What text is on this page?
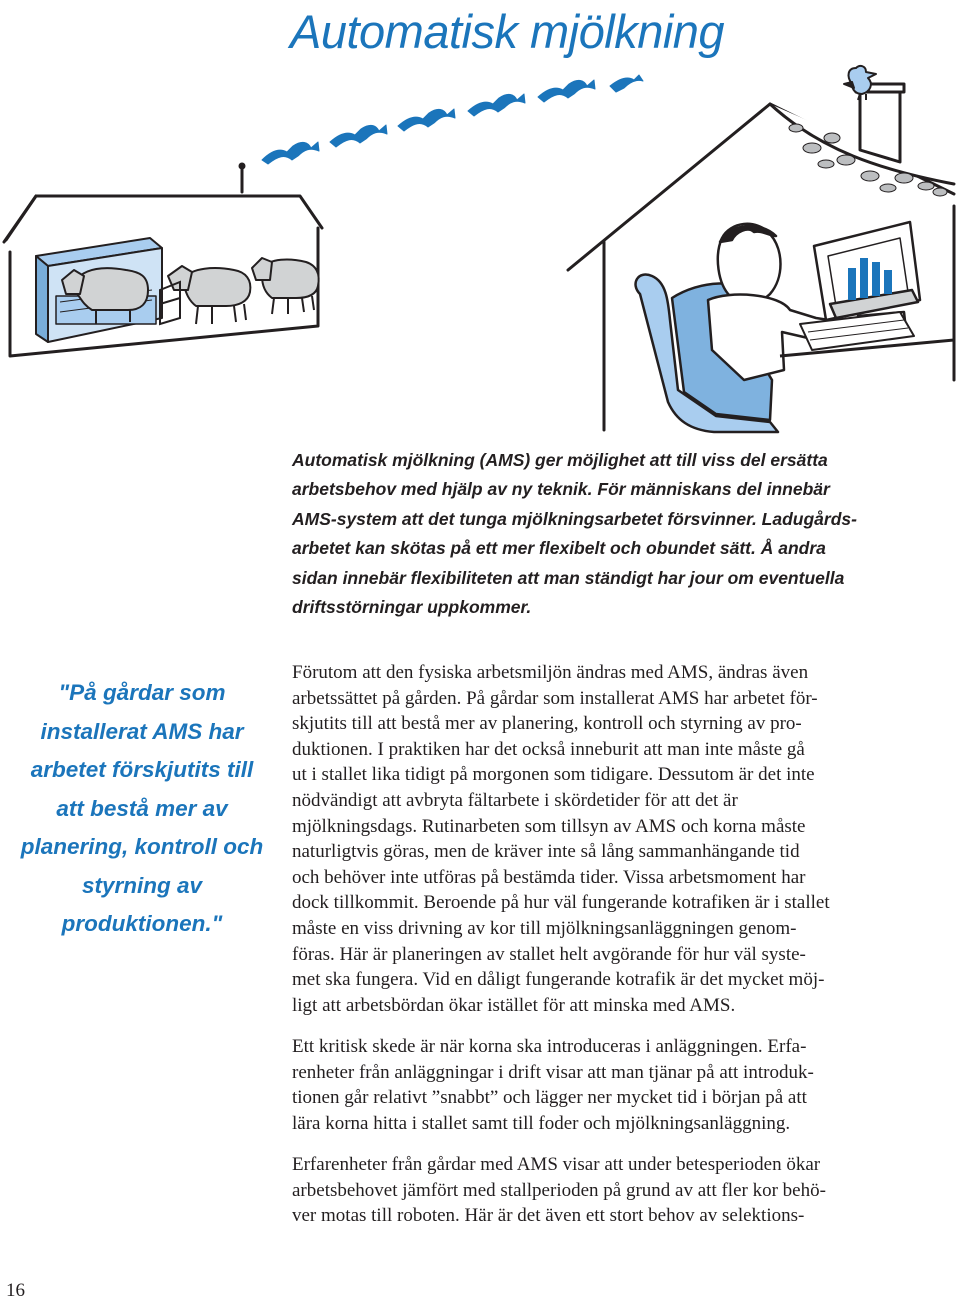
Automatisk mjölkning

Automatisk mjölkning (AMS) ger möjlighet att till viss del ersätta
arbetsbehov med hjälp av ny teknik. För människans del innebär
AMS-system att det tunga mjölkningsarbetet försvinner. Ladugårds-
arbetet kan skötas på ett mer flexibelt och obundet sätt. Å andra
sidan innebär flexibiliteten att man ständigt har jour om eventuella
driftsstörningar uppkommer.

"På gårdar som
installerat AMS har
arbetet förskjutits till
att bestå mer av
planering, kontroll och
styrning av
produktionen."

Förutom att den fysiska arbetsmiljön ändras med AMS, ändras även
arbetssättet på gården. På gårdar som installerat AMS har arbetet för-
skjutits till att bestå mer av planering, kontroll och styrning av pro-
duktionen. I praktiken har det också inneburit att man inte måste gå
ut i stallet lika tidigt på morgonen som tidigare. Dessutom är det inte
nödvändigt att avbryta fältarbete i skördetider för att det är
mjölkningsdags. Rutinarbeten som tillsyn av AMS och korna måste
naturligtvis göras, men de kräver inte så lång sammanhängande tid
och behöver inte utföras på bestämda tider. Vissa arbetsmoment har
dock tillkommit. Beroende på hur väl fungerande kotrafiken är i stallet
måste en viss drivning av kor till mjölkningsanläggningen genom-
föras. Här är planeringen av stallet helt avgörande för hur väl syste-
met ska fungera. Vid en dåligt fungerande kotrafik är det mycket möj-
ligt att arbetsbördan ökar istället för att minska med AMS.

Ett kritisk skede är när korna ska introduceras i anläggningen. Erfa-
renheter från anläggningar i drift visar att man tjänar på att introduk-
tionen går relativt ”snabbt” och lägger ner mycket tid i början på att
lära korna hitta i stallet samt till foder och mjölkningsanläggning.

Erfarenheter från gårdar med AMS visar att under betesperioden ökar
arbetsbehovet jämfört med stallperioden på grund av att fler kor behö-
ver motas till roboten. Här är det även ett stort behov av selektions-

16
